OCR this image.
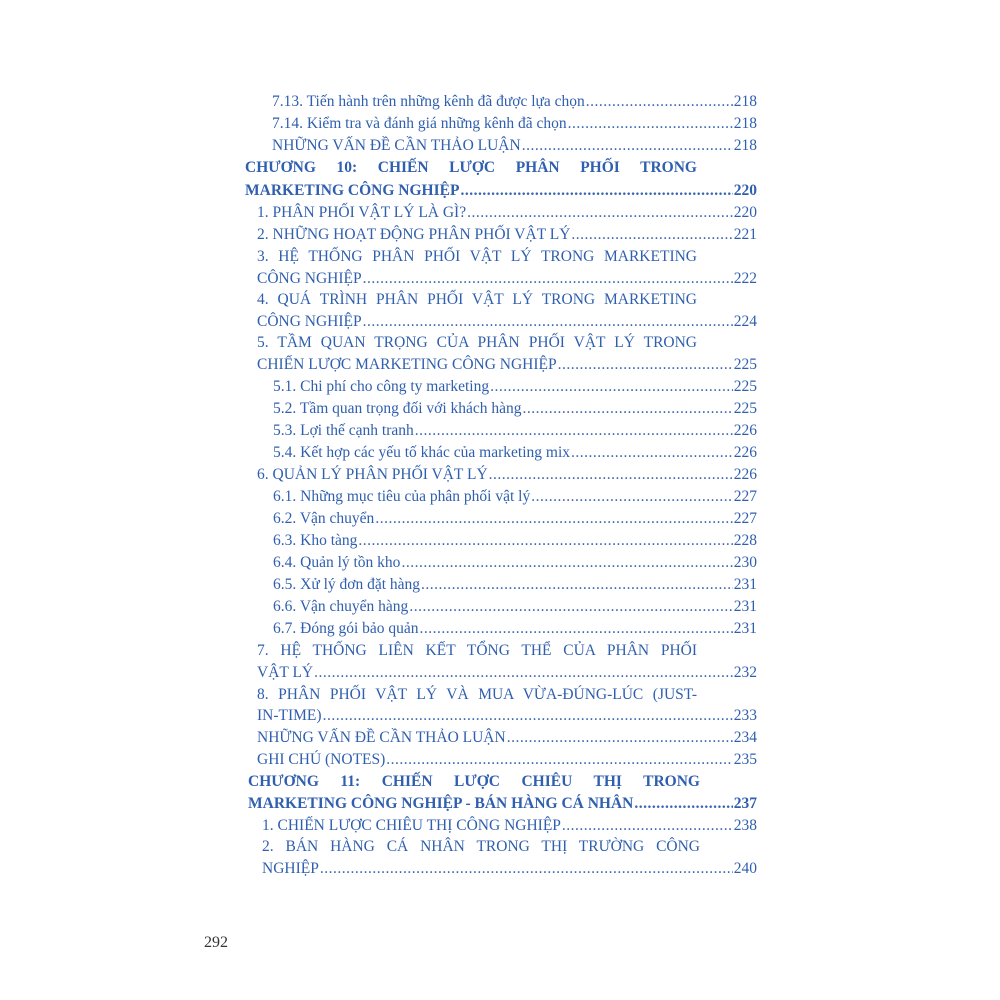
7.13. Tiến hành trên những kênh đã được lựa chọn .....	218
7.14. Kiểm tra và đánh giá những kênh đã chọn .....	218
NHỮNG VẤN ĐỀ CẦN THẢO LUẬN .....	218
CHƯƠNG 10: CHIẾN LƯỢC PHÂN PHỐI TRONG
MARKETING CÔNG NGHIỆP .....	220
1. PHÂN PHỐI VẬT LÝ LÀ GÌ? .....	220
2. NHỮNG HOẠT ĐỘNG PHÂN PHỐI VẬT LÝ .....	221
3. HỆ THỐNG PHÂN PHỐI VẬT LÝ TRONG MARKETING
CÔNG NGHIỆP .....	222
4. QUÁ TRÌNH PHÂN PHỐI VẬT LÝ TRONG MARKETING
CÔNG NGHIỆP .....	224
5. TẦM QUAN TRỌNG CỦA PHÂN PHỐI VẬT LÝ TRONG
CHIẾN LƯỢC MARKETING CÔNG NGHIỆP .....	225
5.1. Chi phí cho công ty marketing .....	225
5.2. Tầm quan trọng đối với khách hàng .....	225
5.3. Lợi thế cạnh tranh .....	226
5.4. Kết hợp các yếu tố khác của marketing mix .....	226
6. QUẢN LÝ PHÂN PHỐI VẬT LÝ .....	226
6.1. Những mục tiêu của phân phối vật lý .....	227
6.2. Vận chuyển .....	227
6.3. Kho tàng .....	228
6.4. Quản lý tồn kho .....	230
6.5. Xử lý đơn đặt hàng .....	231
6.6. Vận chuyển hàng .....	231
6.7. Đóng gói bảo quản .....	231
7. HỆ THỐNG LIÊN KẾT TỔNG THỂ CỦA PHÂN PHỐI
VẬT LÝ .....	232
8. PHÂN PHỐI VẬT LÝ VÀ MUA VỪA-ĐÚNG-LÚC (JUST-
IN-TIME) .....	233
NHỮNG VẤN ĐỀ CẦN THẢO LUẬN .....	234
GHI CHÚ (NOTES) .....	235
CHƯƠNG 11: CHIẾN LƯỢC CHIÊU THỊ TRONG
MARKETING CÔNG NGHIỆP - BÁN HÀNG CÁ NHÂN .....	237
1. CHIẾN LƯỢC CHIÊU THỊ CÔNG NGHIỆP .....	238
2. BÁN HÀNG CÁ NHÂN TRONG THỊ TRƯỜNG CÔNG
NGHIỆP .....	240
292
